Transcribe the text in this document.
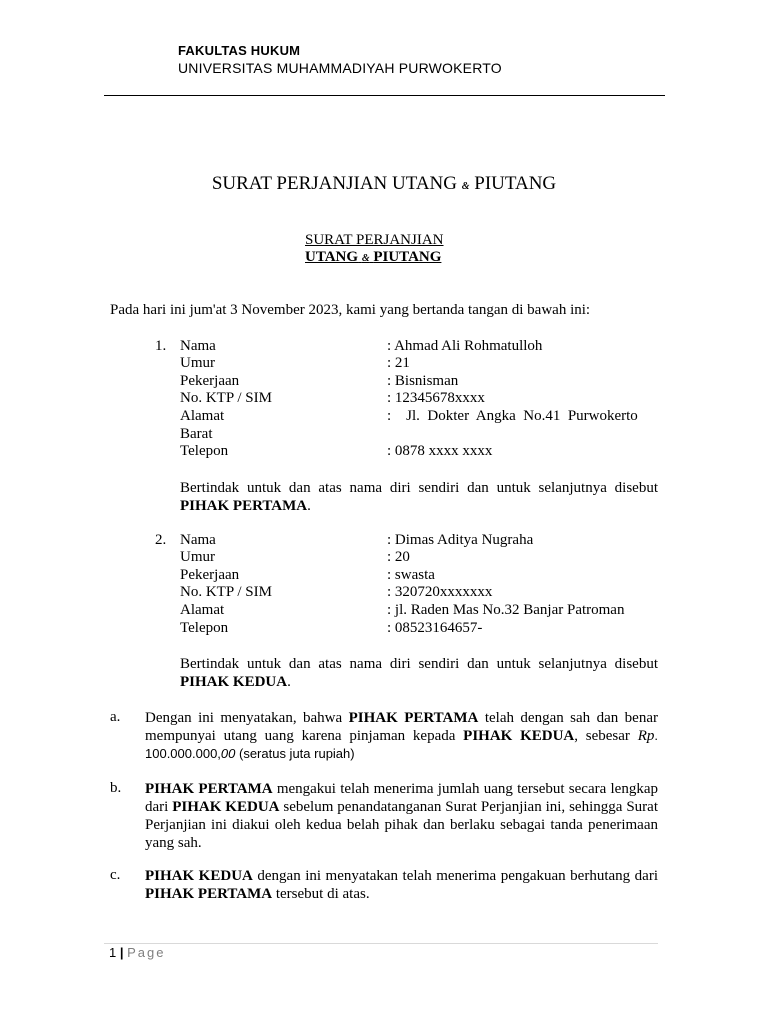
FAKULTAS HUKUM
UNIVERSITAS MUHAMMADIYAH PURWOKERTO
SURAT PERJANJIAN UTANG & PIUTANG
SURAT PERJANJIAN
UTANG & PIUTANG
Pada hari ini jum'at 3 November 2023, kami yang bertanda tangan di bawah ini:
1. Nama	: Ahmad Ali Rohmatulloh
Umur	: 21
Pekerjaan	: Bisnisman
No. KTP / SIM	: 12345678xxxx
Alamat	:    Jl.  Dokter  Angka  No.41  Purwokerto
Barat
Telepon	: 0878 xxxx xxxx
Bertindak untuk dan atas nama diri sendiri dan untuk selanjutnya disebut PIHAK PERTAMA.
2. Nama	: Dimas Aditya Nugraha
Umur	: 20
Pekerjaan	: swasta
No. KTP / SIM	: 320720xxxxxxx
Alamat	: jl. Raden Mas No.32 Banjar Patroman
Telepon	: 08523164657-
Bertindak untuk dan atas nama diri sendiri dan untuk selanjutnya disebut PIHAK KEDUA.
a. Dengan ini menyatakan, bahwa PIHAK PERTAMA telah dengan sah dan benar mempunyai utang uang karena pinjaman kepada PIHAK KEDUA, sebesar Rp. 100.000.000,00 (seratus juta rupiah)
b. PIHAK PERTAMA mengakui telah menerima jumlah uang tersebut secara lengkap dari PIHAK KEDUA sebelum penandatanganan Surat Perjanjian ini, sehingga Surat Perjanjian ini diakui oleh kedua belah pihak dan berlaku sebagai tanda penerimaan yang sah.
c. PIHAK KEDUA dengan ini menyatakan telah menerima pengakuan berhutang dari PIHAK PERTAMA tersebut di atas.
1 | Page
